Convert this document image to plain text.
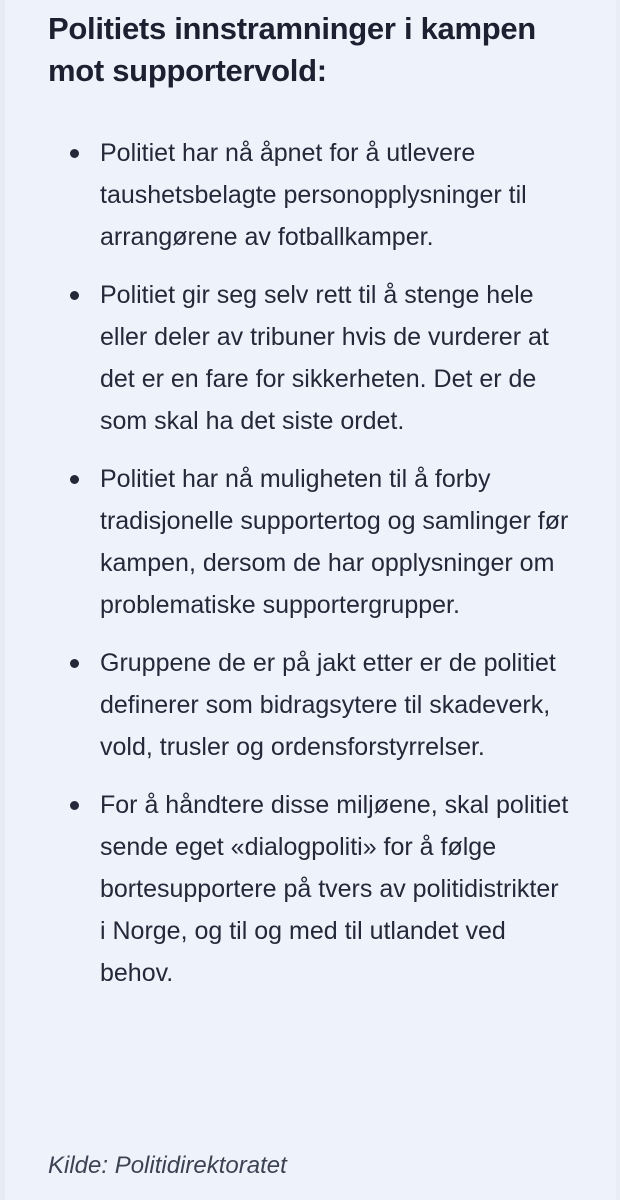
Politiets innstramninger i kampen mot supportervold:
Politiet har nå åpnet for å utlevere taushetsbelagte personopplysninger til arrangørene av fotballkamper.
Politiet gir seg selv rett til å stenge hele eller deler av tribuner hvis de vurderer at det er en fare for sikkerheten. Det er de som skal ha det siste ordet.
Politiet har nå muligheten til å forby tradisjonelle supportertog og samlinger før kampen, dersom de har opplysninger om problematiske supportergrupper.
Gruppene de er på jakt etter er de politiet definerer som bidragsytere til skadeverk, vold, trusler og ordensforstyrrelser.
For å håndtere disse miljøene, skal politiet sende eget «dialogpoliti» for å følge bortesupportere på tvers av politidistrikter i Norge, og til og med til utlandet ved behov.
Kilde: Politidirektoratet
